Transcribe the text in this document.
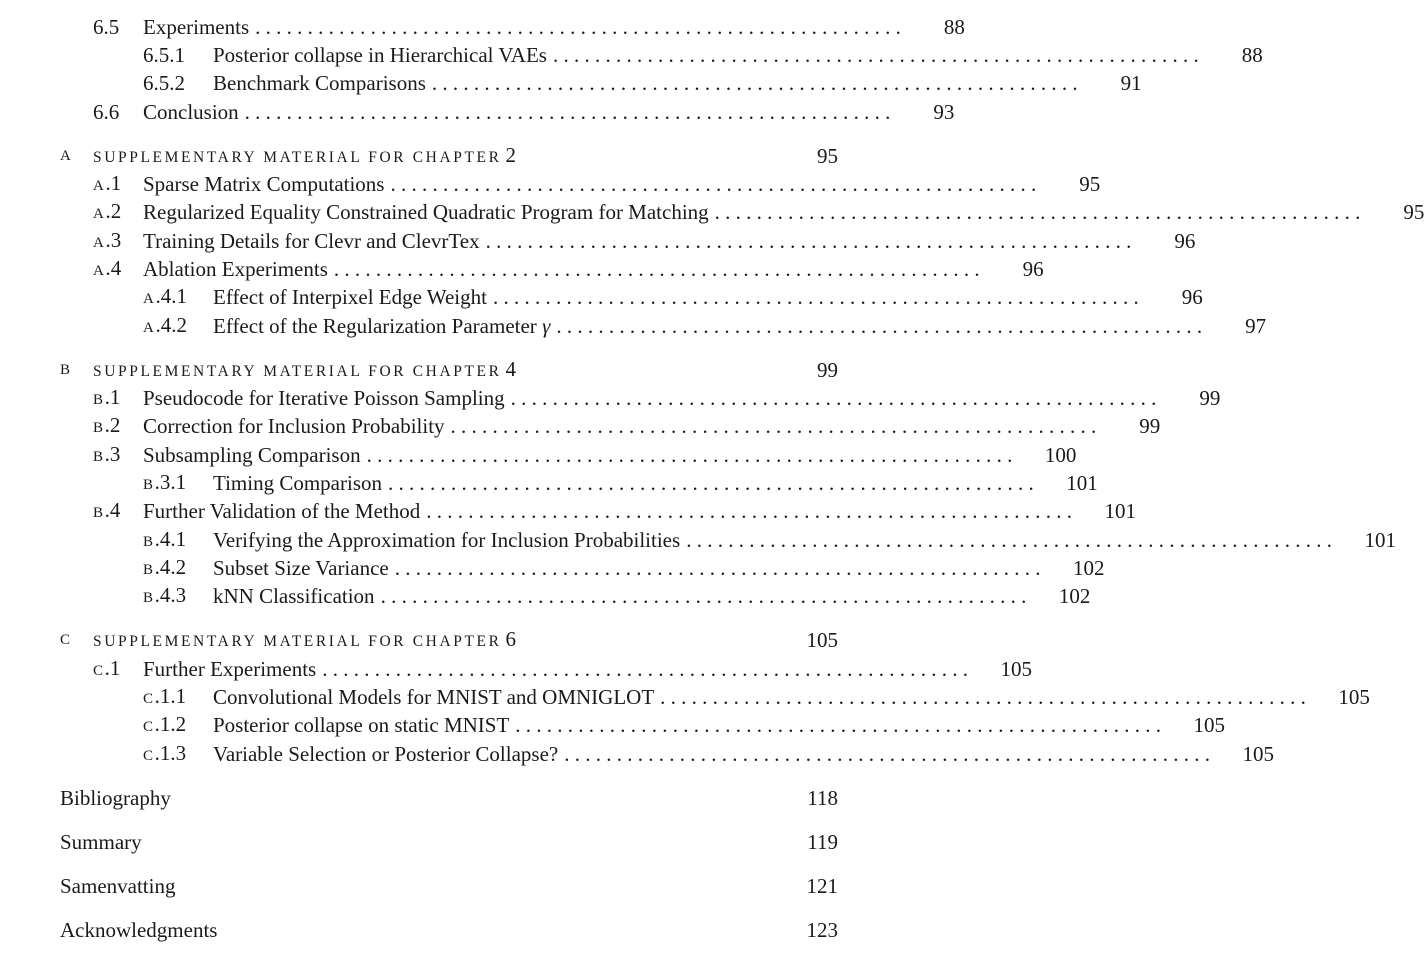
6.5	Experiments . . . . . . . . . . . . . . . . . . . . . . . . . . . . . . . . . . . . . . . . . . . . . . . . . . . . . . . . . . . . . .	88
6.5.1	Posterior collapse in Hierarchical VAEs . . . . . . . . . . . . . . . . . . . . . . . . . . . . . . . . . . . . . . . . . . . . . . . . . . . . . . . . . . . . . .	88
6.5.2	Benchmark Comparisons . . . . . . . . . . . . . . . . . . . . . . . . . . . . . . . . . . . . . . . . . . . . . . . . . . . . . . . . . . . . . .	91
6.6	Conclusion . . . . . . . . . . . . . . . . . . . . . . . . . . . . . . . . . . . . . . . . . . . . . . . . . . . . . . . . . . . . . .	93
A	SUPPLEMENTARY MATERIAL FOR CHAPTER 2	95
A.1	Sparse Matrix Computations . . . . . . . . . . . . . . . . . . . . . . . . . . . . . . . . . . . . . . . . . . . . . . . . . . . . . . . . . . . . . .	95
A.2	Regularized Equality Constrained Quadratic Program for Matching . . . . . . . . . . . . . . . . . . . . . . . . . . . . . . . . . . . . . . . . . . . . . . . . . . . . . . . . . . . . . .	95
A.3	Training Details for Clevr and ClevrTex . . . . . . . . . . . . . . . . . . . . . . . . . . . . . . . . . . . . . . . . . . . . . . . . . . . . . . . . . . . . . .	96
A.4	Ablation Experiments . . . . . . . . . . . . . . . . . . . . . . . . . . . . . . . . . . . . . . . . . . . . . . . . . . . . . . . . . . . . . .	96
A.4.1	Effect of Interpixel Edge Weight . . . . . . . . . . . . . . . . . . . . . . . . . . . . . . . . . . . . . . . . . . . . . . . . . . . . . . . . . . . . . .	96
A.4.2	Effect of the Regularization Parameter γ . . . . . . . . . . . . . . . . . . . . . . . . . . . . . . . . . . . . . . . . . . . . . . . . . . . . . . . . . . . . . .	97
B	SUPPLEMENTARY MATERIAL FOR CHAPTER 4	99
B.1	Pseudocode for Iterative Poisson Sampling . . . . . . . . . . . . . . . . . . . . . . . . . . . . . . . . . . . . . . . . . . . . . . . . . . . . . . . . . . . . . .	99
B.2	Correction for Inclusion Probability . . . . . . . . . . . . . . . . . . . . . . . . . . . . . . . . . . . . . . . . . . . . . . . . . . . . . . . . . . . . . .	99
B.3	Subsampling Comparison . . . . . . . . . . . . . . . . . . . . . . . . . . . . . . . . . . . . . . . . . . . . . . . . . . . . . . . . . . . . . .	100
B.3.1	Timing Comparison . . . . . . . . . . . . . . . . . . . . . . . . . . . . . . . . . . . . . . . . . . . . . . . . . . . . . . . . . . . . . .	101
B.4	Further Validation of the Method . . . . . . . . . . . . . . . . . . . . . . . . . . . . . . . . . . . . . . . . . . . . . . . . . . . . . . . . . . . . . .	101
B.4.1	Verifying the Approximation for Inclusion Probabilities . . . . . . . . . . . . . . . . . . . . . . . . . . . . . . . . . . . . . . . . . . . . . . . . . . . . . . . . . . . . . .	101
B.4.2	Subset Size Variance . . . . . . . . . . . . . . . . . . . . . . . . . . . . . . . . . . . . . . . . . . . . . . . . . . . . . . . . . . . . . .	102
B.4.3	kNN Classification . . . . . . . . . . . . . . . . . . . . . . . . . . . . . . . . . . . . . . . . . . . . . . . . . . . . . . . . . . . . . .	102
C	SUPPLEMENTARY MATERIAL FOR CHAPTER 6	105
C.1	Further Experiments . . . . . . . . . . . . . . . . . . . . . . . . . . . . . . . . . . . . . . . . . . . . . . . . . . . . . . . . . . . . . .	105
C.1.1	Convolutional Models for MNIST and OMNIGLOT . . . . . . . . . . . . . . . . . . . . . . . . . . . . . . . . . . . . . . . . . . . . . . . . . . . . . . . . . . . . . .	105
C.1.2	Posterior collapse on static MNIST . . . . . . . . . . . . . . . . . . . . . . . . . . . . . . . . . . . . . . . . . . . . . . . . . . . . . . . . . . . . . .	105
C.1.3	Variable Selection or Posterior Collapse? . . . . . . . . . . . . . . . . . . . . . . . . . . . . . . . . . . . . . . . . . . . . . . . . . . . . . . . . . . . . . .	105
Bibliography	118
Summary	119
Samenvatting	121
Acknowledgments	123
